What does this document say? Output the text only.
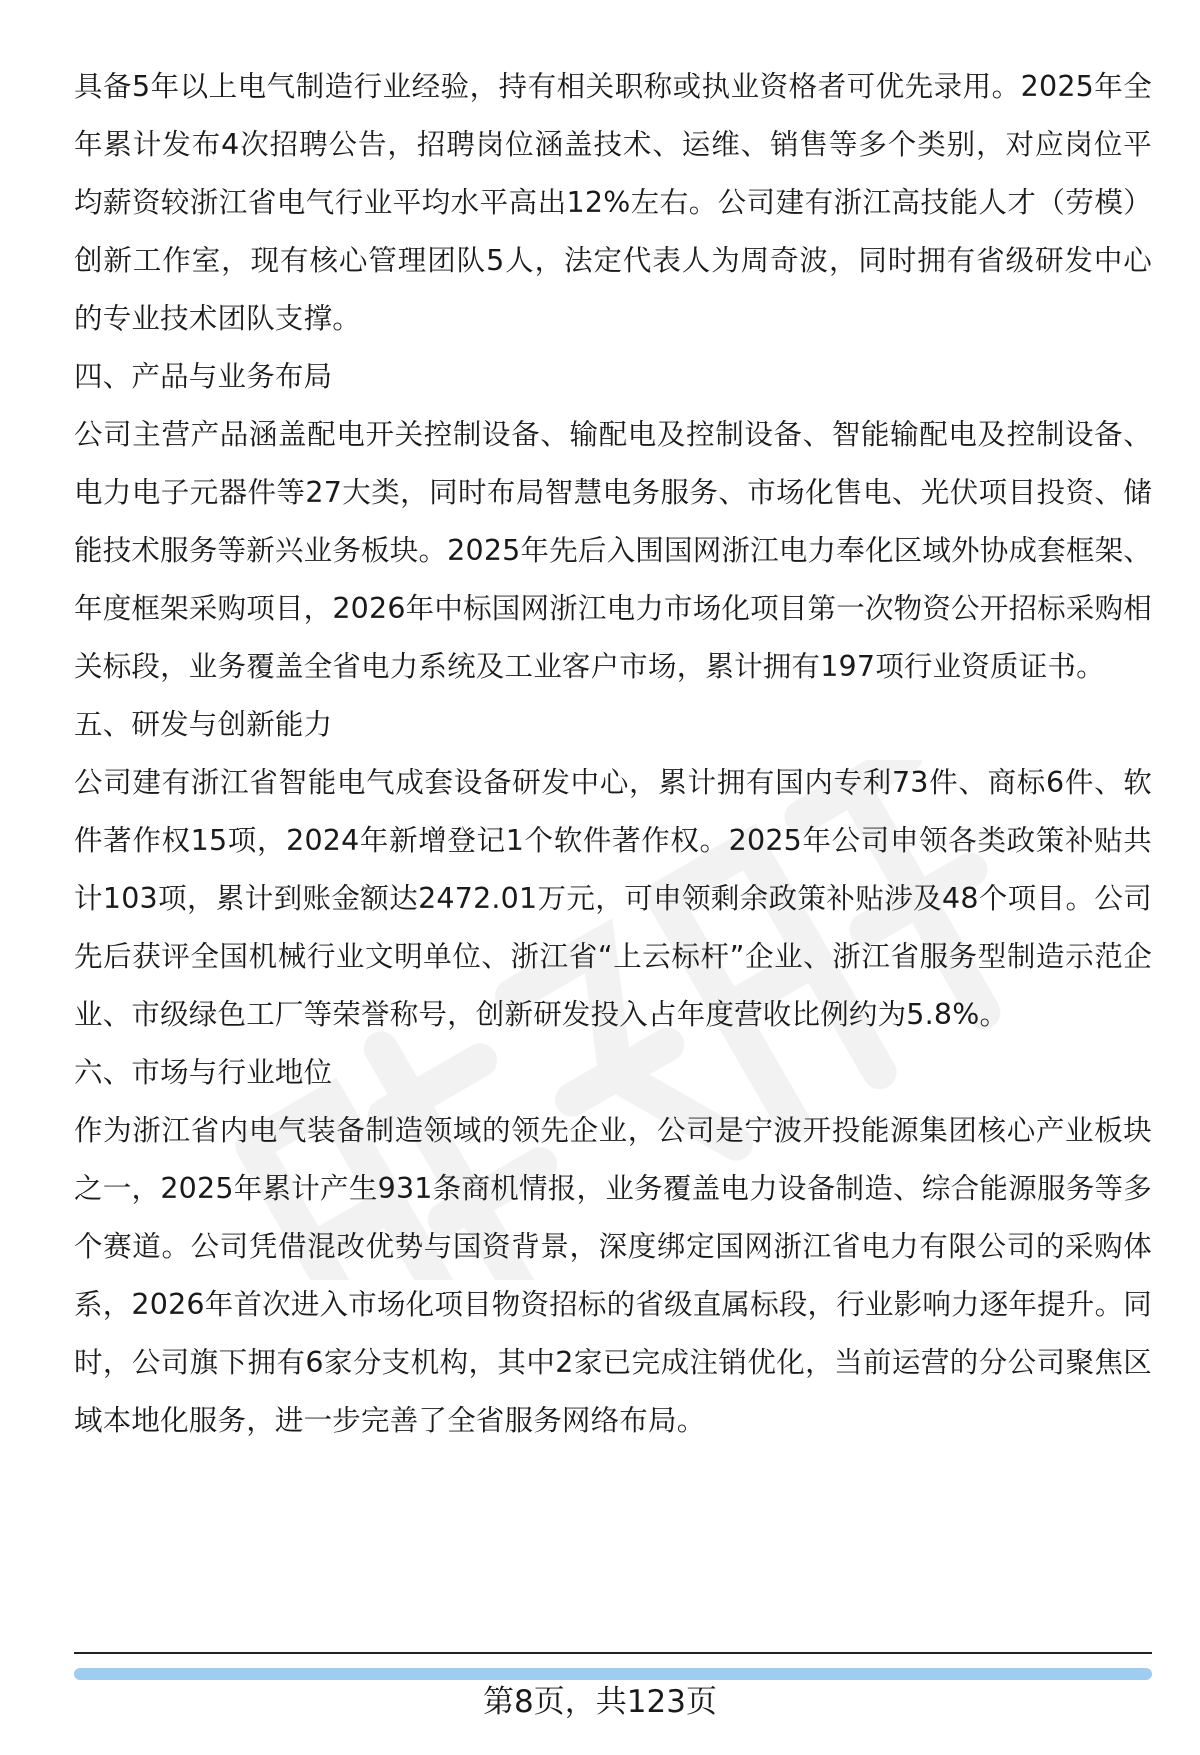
具备5年以上电气制造行业经验，持有相关职称或执业资格者可优先录用。2025年全年累计发布4次招聘公告，招聘岗位涵盖技术、运维、销售等多个类别，对应岗位平均薪资较浙江省电气行业平均水平高出12%左右。公司建有浙江高技能人才（劳模）创新工作室，现有核心管理团队5人，法定代表人为周奇波，同时拥有省级研发中心的专业技术团队支撑。

四、产品与业务布局

公司主营产品涵盖配电开关控制设备、输配电及控制设备、智能输配电及控制设备、电力电子元器件等27大类，同时布局智慧电务服务、市场化售电、光伏项目投资、储能技术服务等新兴业务板块。2025年先后入围国网浙江电力奉化区域外协成套框架、年度框架采购项目，2026年中标国网浙江电力市场化项目第一次物资公开招标采购相关标段，业务覆盖全省电力系统及工业客户市场，累计拥有197项行业资质证书。

五、研发与创新能力

公司建有浙江省智能电气成套设备研发中心，累计拥有国内专利73件、商标6件、软件著作权15项，2024年新增登记1个软件著作权。2025年公司申领各类政策补贴共计103项，累计到账金额达2472.01万元，可申领剩余政策补贴涉及48个项目。公司先后获评全国机械行业文明单位、浙江省“上云标杆”企业、浙江省服务型制造示范企业、市级绿色工厂等荣誉称号，创新研发投入占年度营收比例约为5.8%。

六、市场与行业地位

作为浙江省内电气装备制造领域的领先企业，公司是宁波开投能源集团核心产业板块之一，2025年累计产生931条商机情报，业务覆盖电力设备制造、综合能源服务等多个赛道。公司凭借混改优势与国资背景，深度绑定国网浙江省电力有限公司的采购体系，2026年首次进入市场化项目物资招标的省级直属标段，行业影响力逐年提升。同时，公司旗下拥有6家分支机构，其中2家已完成注销优化，当前运营的分公司聚焦区域本地化服务，进一步完善了全省服务网络布局。

第8页，共123页
